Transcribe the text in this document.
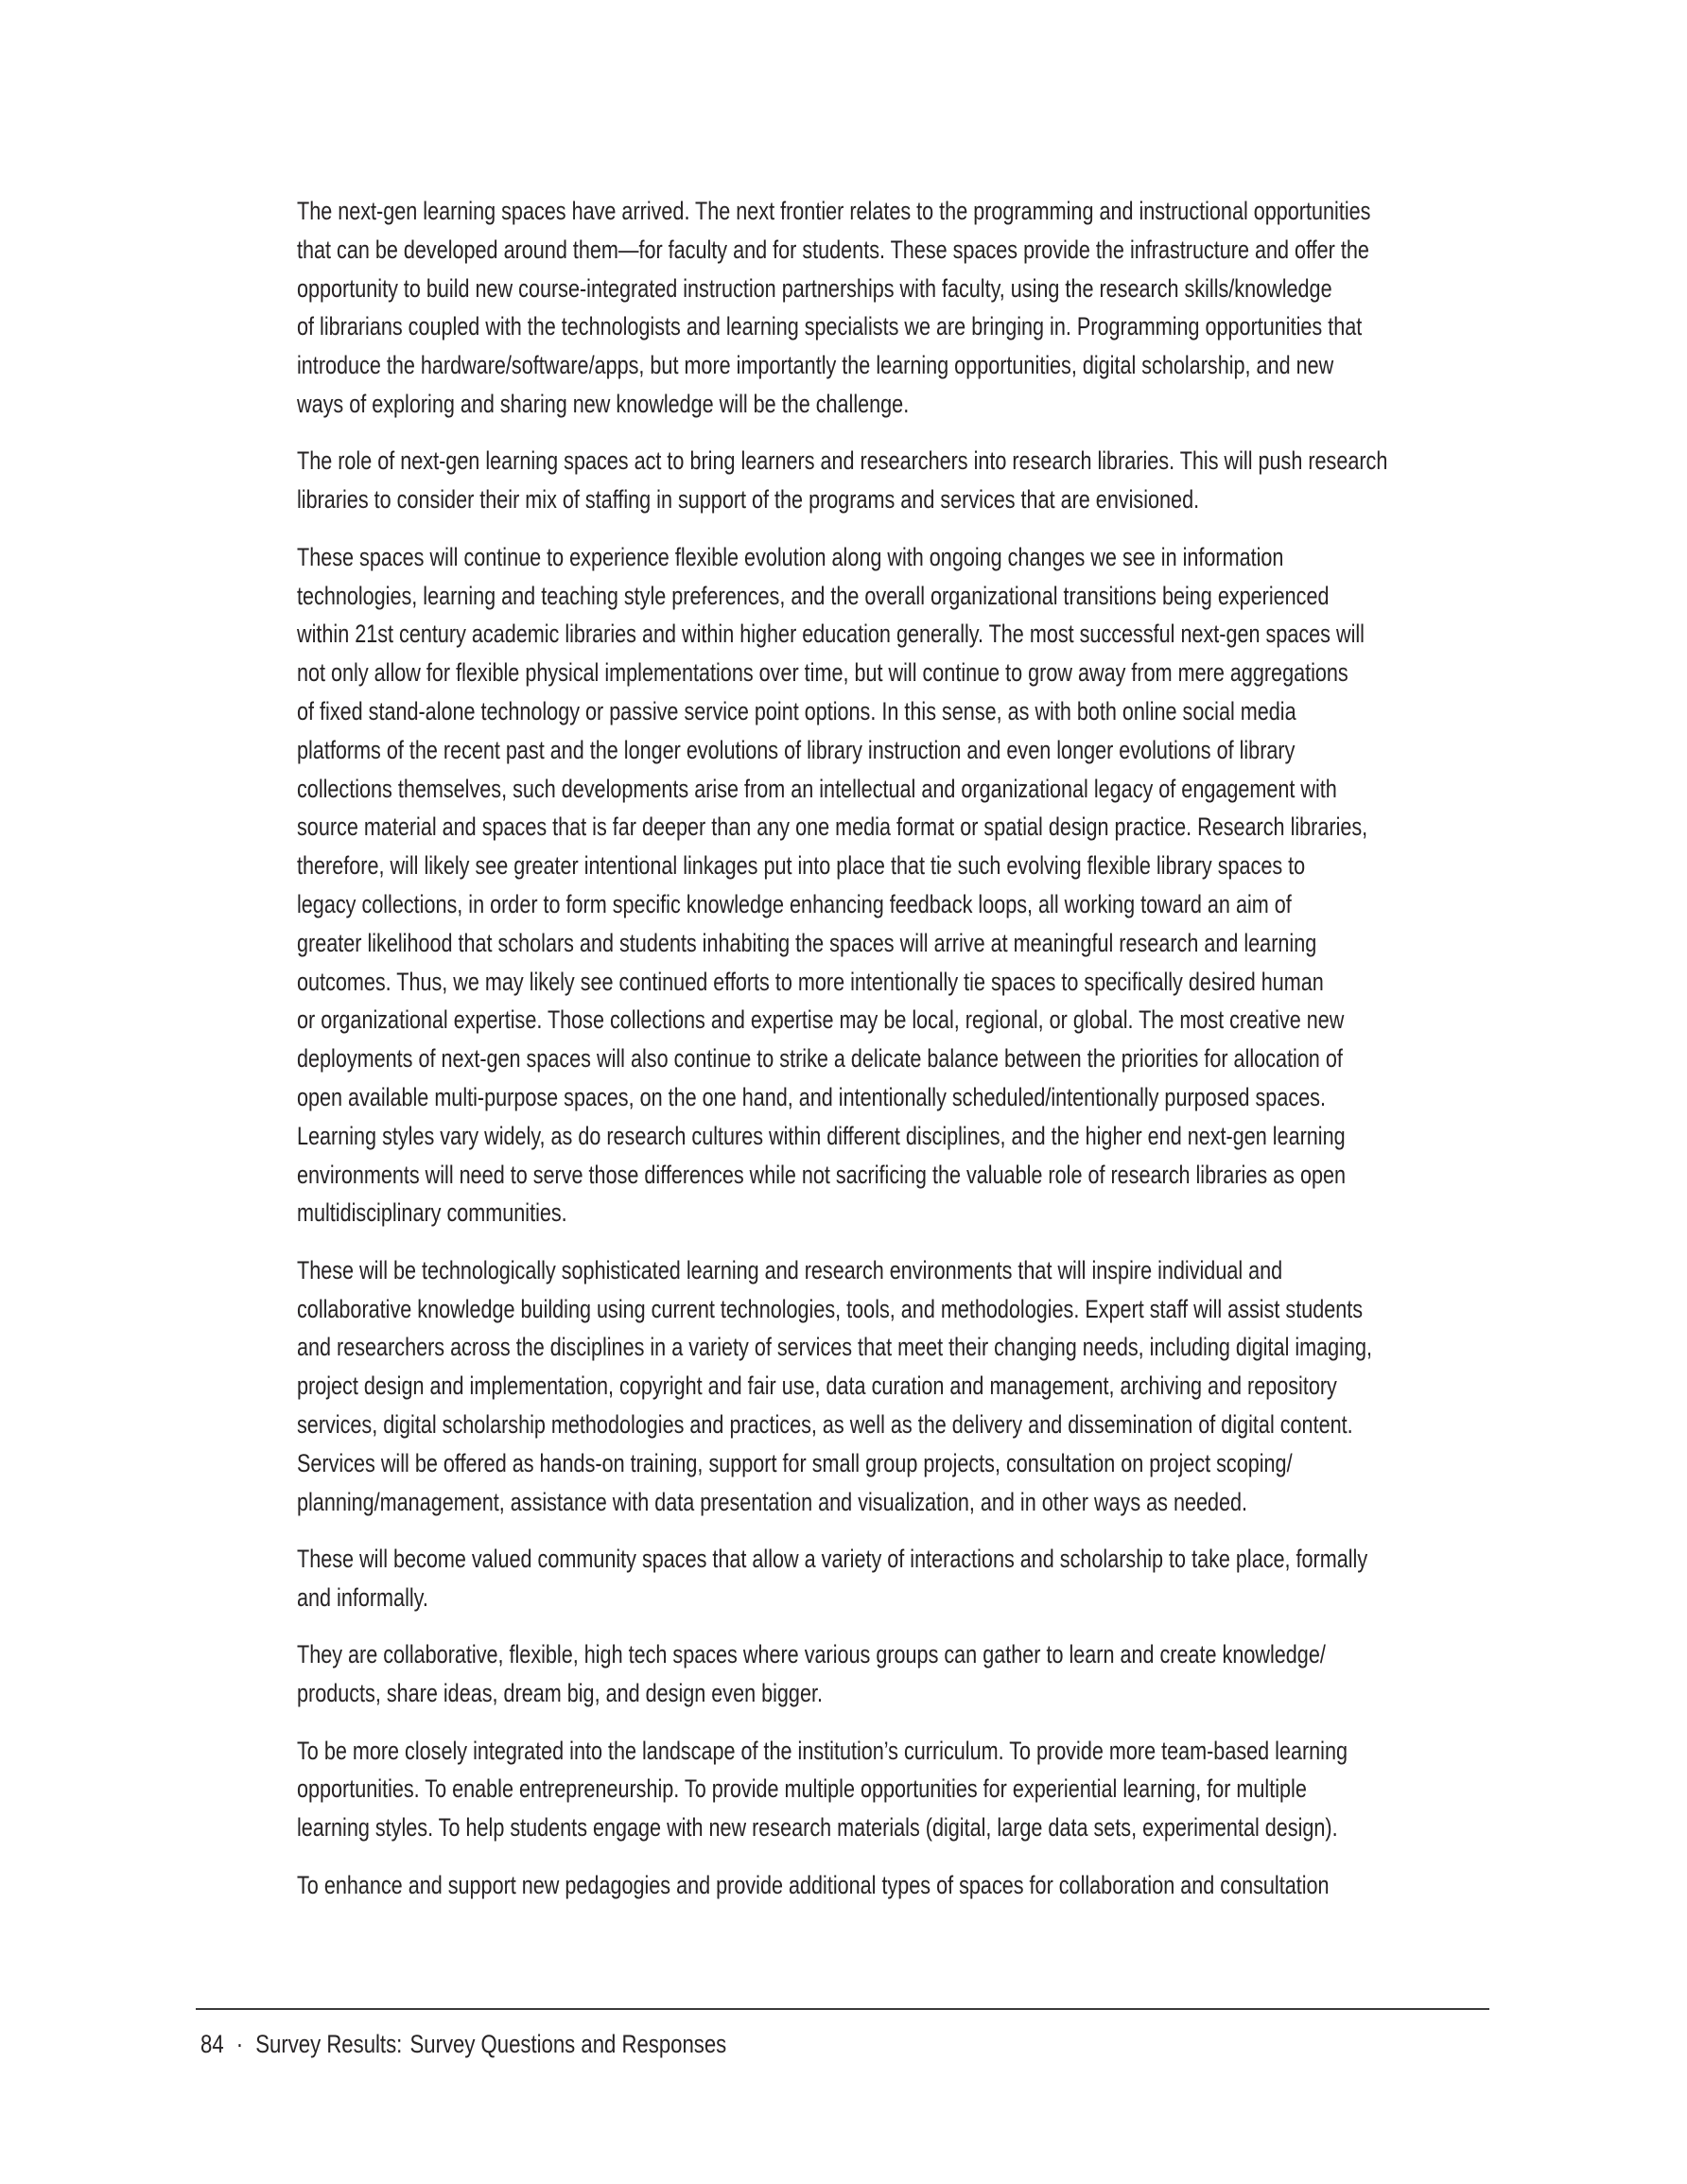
The next-gen learning spaces have arrived. The next frontier relates to the programming and instructional opportunities
that can be developed around them—for faculty and for students. These spaces provide the infrastructure and offer the
opportunity to build new course-integrated instruction partnerships with faculty, using the research skills/knowledge
of librarians coupled with the technologists and learning specialists we are bringing in. Programming opportunities that
introduce the hardware/software/apps, but more importantly the learning opportunities, digital scholarship, and new
ways of exploring and sharing new knowledge will be the challenge.

The role of next-gen learning spaces act to bring learners and researchers into research libraries. This will push research
libraries to consider their mix of staffing in support of the programs and services that are envisioned.

These spaces will continue to experience flexible evolution along with ongoing changes we see in information
technologies, learning and teaching style preferences, and the overall organizational transitions being experienced
within 21st century academic libraries and within higher education generally. The most successful next-gen spaces will
not only allow for flexible physical implementations over time, but will continue to grow away from mere aggregations
of fixed stand-alone technology or passive service point options. In this sense, as with both online social media
platforms of the recent past and the longer evolutions of library instruction and even longer evolutions of library
collections themselves, such developments arise from an intellectual and organizational legacy of engagement with
source material and spaces that is far deeper than any one media format or spatial design practice. Research libraries,
therefore, will likely see greater intentional linkages put into place that tie such evolving flexible library spaces to
legacy collections, in order to form specific knowledge enhancing feedback loops, all working toward an aim of
greater likelihood that scholars and students inhabiting the spaces will arrive at meaningful research and learning
outcomes. Thus, we may likely see continued efforts to more intentionally tie spaces to specifically desired human
or organizational expertise. Those collections and expertise may be local, regional, or global. The most creative new
deployments of next-gen spaces will also continue to strike a delicate balance between the priorities for allocation of
open available multi-purpose spaces, on the one hand, and intentionally scheduled/intentionally purposed spaces.
Learning styles vary widely, as do research cultures within different disciplines, and the higher end next-gen learning
environments will need to serve those differences while not sacrificing the valuable role of research libraries as open
multidisciplinary communities.

These will be technologically sophisticated learning and research environments that will inspire individual and
collaborative knowledge building using current technologies, tools, and methodologies. Expert staff will assist students
and researchers across the disciplines in a variety of services that meet their changing needs, including digital imaging,
project design and implementation, copyright and fair use, data curation and management, archiving and repository
services, digital scholarship methodologies and practices, as well as the delivery and dissemination of digital content.
Services will be offered as hands-on training, support for small group projects, consultation on project scoping/
planning/management, assistance with data presentation and visualization, and in other ways as needed.

These will become valued community spaces that allow a variety of interactions and scholarship to take place, formally
and informally.

They are collaborative, flexible, high tech spaces where various groups can gather to learn and create knowledge/
products, share ideas, dream big, and design even bigger.

To be more closely integrated into the landscape of the institution’s curriculum. To provide more team-based learning
opportunities. To enable entrepreneurship. To provide multiple opportunities for experiential learning, for multiple
learning styles. To help students engage with new research materials (digital, large data sets, experimental design).

To enhance and support new pedagogies and provide additional types of spaces for collaboration and consultation

84 · Survey Results: Survey Questions and Responses
